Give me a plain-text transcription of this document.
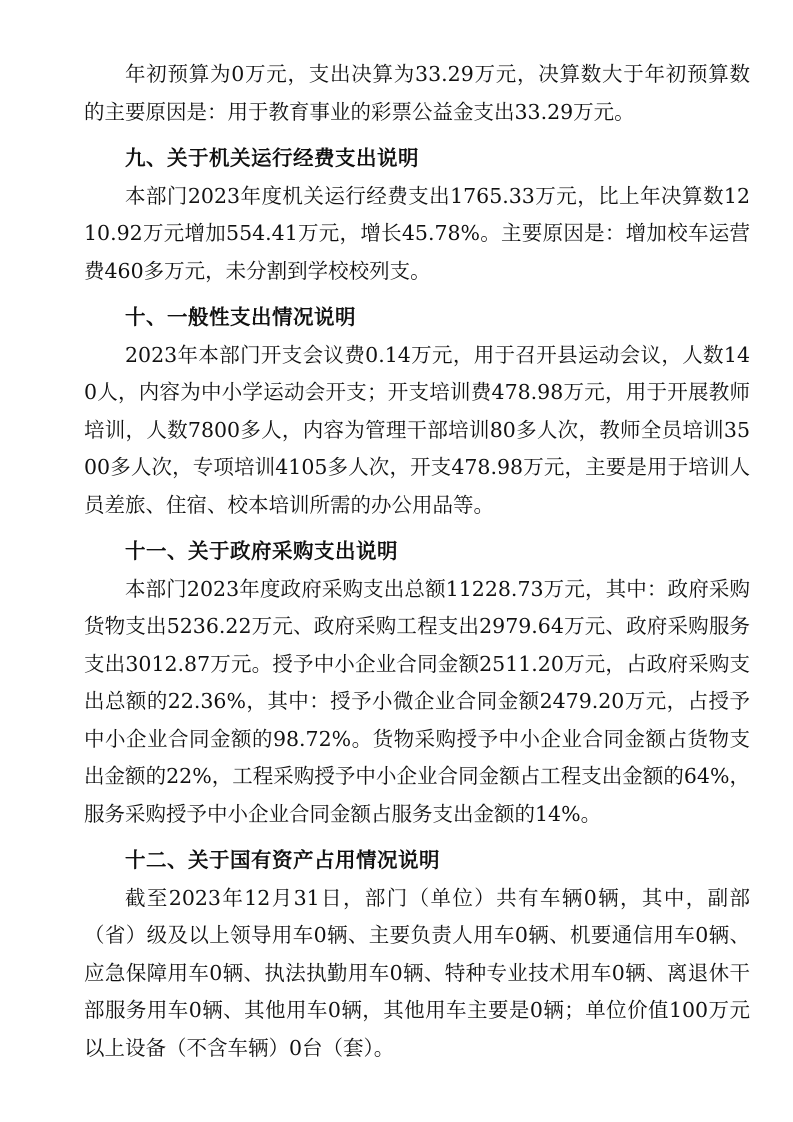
年初预算为0万元，支出决算为33.29万元，决算数大于年初预算数的主要原因是：用于教育事业的彩票公益金支出33.29万元。

九、关于机关运行经费支出说明

本部门2023年度机关运行经费支出1765.33万元，比上年决算数1210.92万元增加554.41万元，增长45.78%。主要原因是：增加校车运营费460多万元，未分割到学校校列支。

十、一般性支出情况说明

2023年本部门开支会议费0.14万元，用于召开县运动会议，人数140人，内容为中小学运动会开支；开支培训费478.98万元，用于开展教师培训，人数7800多人，内容为管理干部培训80多人次，教师全员培训3500多人次，专项培训4105多人次，开支478.98万元，主要是用于培训人员差旅、住宿、校本培训所需的办公用品等。

十一、关于政府采购支出说明

本部门2023年度政府采购支出总额11228.73万元，其中：政府采购货物支出5236.22万元、政府采购工程支出2979.64万元、政府采购服务支出3012.87万元。授予中小企业合同金额2511.20万元，占政府采购支出总额的22.36%，其中：授予小微企业合同金额2479.20万元，占授予中小企业合同金额的98.72%。货物采购授予中小企业合同金额占货物支出金额的22%，工程采购授予中小企业合同金额占工程支出金额的64%，服务采购授予中小企业合同金额占服务支出金额的14%。

十二、关于国有资产占用情况说明

截至2023年12月31日，部门（单位）共有车辆0辆，其中，副部（省）级及以上领导用车0辆、主要负责人用车0辆、机要通信用车0辆、应急保障用车0辆、执法执勤用车0辆、特种专业技术用车0辆、离退休干部服务用车0辆、其他用车0辆，其他用车主要是0辆；单位价值100万元以上设备（不含车辆）0台（套）。
